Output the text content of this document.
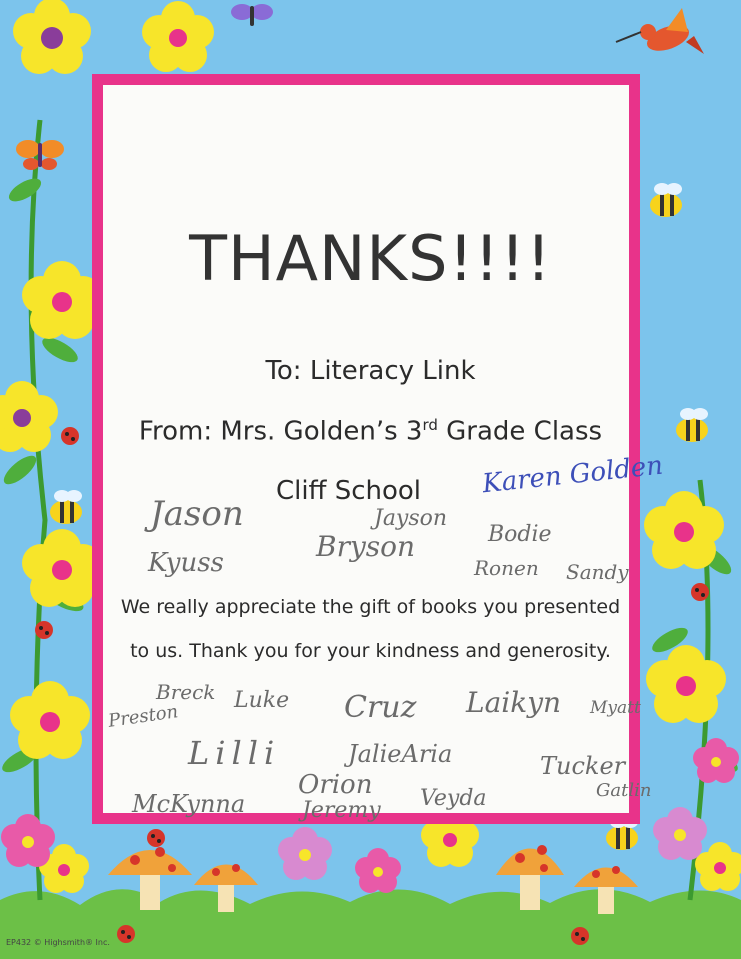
THANKS!!!!
To: Literacy Link
From: Mrs. Golden’s 3rd Grade Class
Cliff School
We really appreciate the gift of books you presented
to us. Thank you for your kindness and generosity.
Karen Golden
Jason	Jayson
Bodie
Kyuss	Bryson
Ronen Sandy
Breck Luke
Preston	Cruz Laikyn Myatt
Lilli	JalieAria	Tucker
Gatlin
Orion
Jeremy Veyda
McKynna
EP432 © Highsmith® Inc.
